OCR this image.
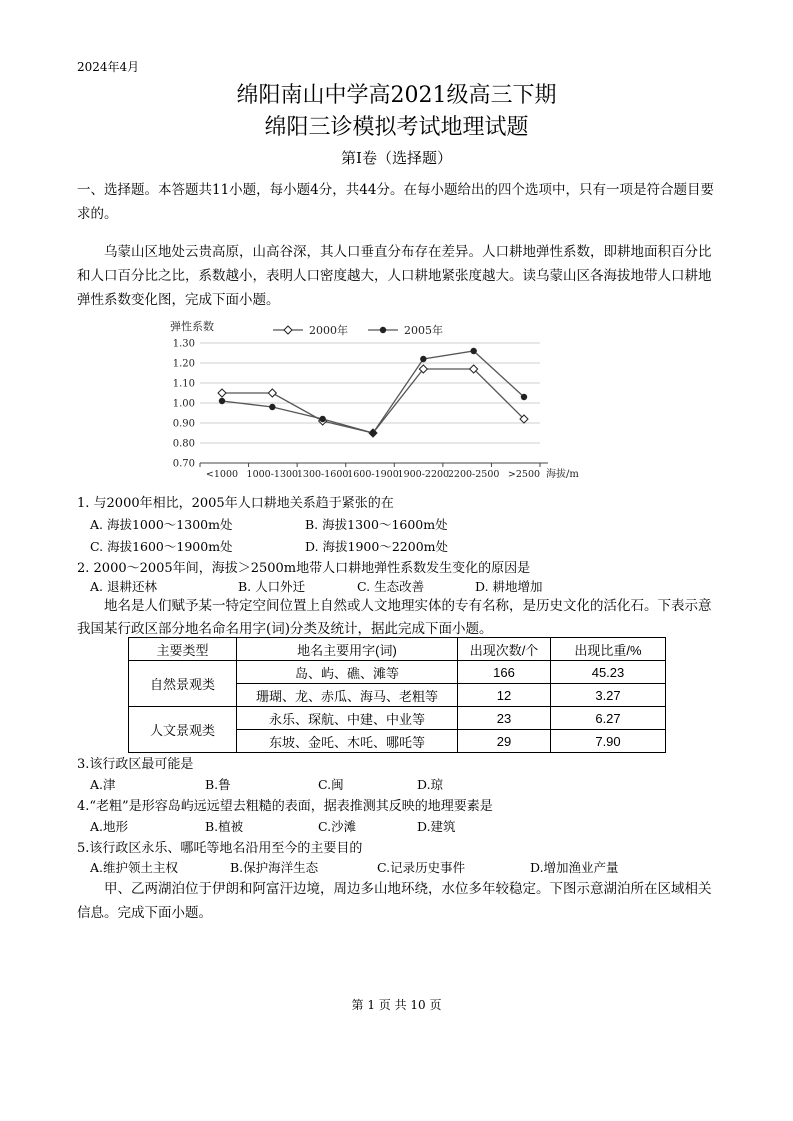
2024年4月
绵阳南山中学高2021级高三下期
绵阳三诊模拟考试地理试题
第Ⅰ卷（选择题）
一、选择题。本答题共11小题，每小题4分，共44分。在每小题给出的四个选项中，只有一项是符合题目要求的。
乌蒙山区地处云贵高原，山高谷深，其人口垂直分布存在差异。人口耕地弹性系数，即耕地面积百分比和人口百分比之比，系数越小，表明人口密度越大，人口耕地紧张度越大。读乌蒙山区各海拔地带人口耕地弹性系数变化图，完成下面小题。
弹性系数
1.30
1.20
1.10
1.00
0.90
0.80
0.70
<1000 1000-1300
1300-1600
1600-1900
1900-2200
2200-2500 >2500 海拔/m
2000年	2005年
1. 与2000年相比，2005年人口耕地关系趋于紧张的在
A. 海拔1000～1300m处	B. 海拔1300～1600m处
C. 海拔1600～1900m处	D. 海拔1900～2200m处
2. 2000～2005年间，海拔＞2500m地带人口耕地弹性系数发生变化的原因是
A. 退耕还林	B. 人口外迁	C. 生态改善	D. 耕地增加
地名是人们赋予某一特定空间位置上自然或人文地理实体的专有名称，是历史文化的活化石。下表示意我国某行政区部分地名命名用字(词)分类及统计，据此完成下面小题。
主要类型	地名主要用字(词)	出现次数/个	出现比重/%
自然景观类	岛、屿、礁、滩等	166	45.23
	珊瑚、龙、赤瓜、海马、老粗等	12	3.27
人文景观类	永乐、琛航、中建、中业等	23	6.27
	东坡、金吒、木吒、哪吒等	29	7.90
3.该行政区最可能是
A.津	B.鲁	C.闽	D.琼
4.“老粗”是形容岛屿远远望去粗糙的表面，据表推测其反映的地理要素是
A.地形	B.植被	C.沙滩	D.建筑
5.该行政区永乐、哪吒等地名沿用至今的主要目的
A.维护领土主权	B.保护海洋生态	C.记录历史事件	D.增加渔业产量
甲、乙两湖泊位于伊朗和阿富汗边境，周边多山地环绕，水位多年较稳定。下图示意湖泊所在区域相关信息。完成下面小题。
第 1 页 共 10 页
